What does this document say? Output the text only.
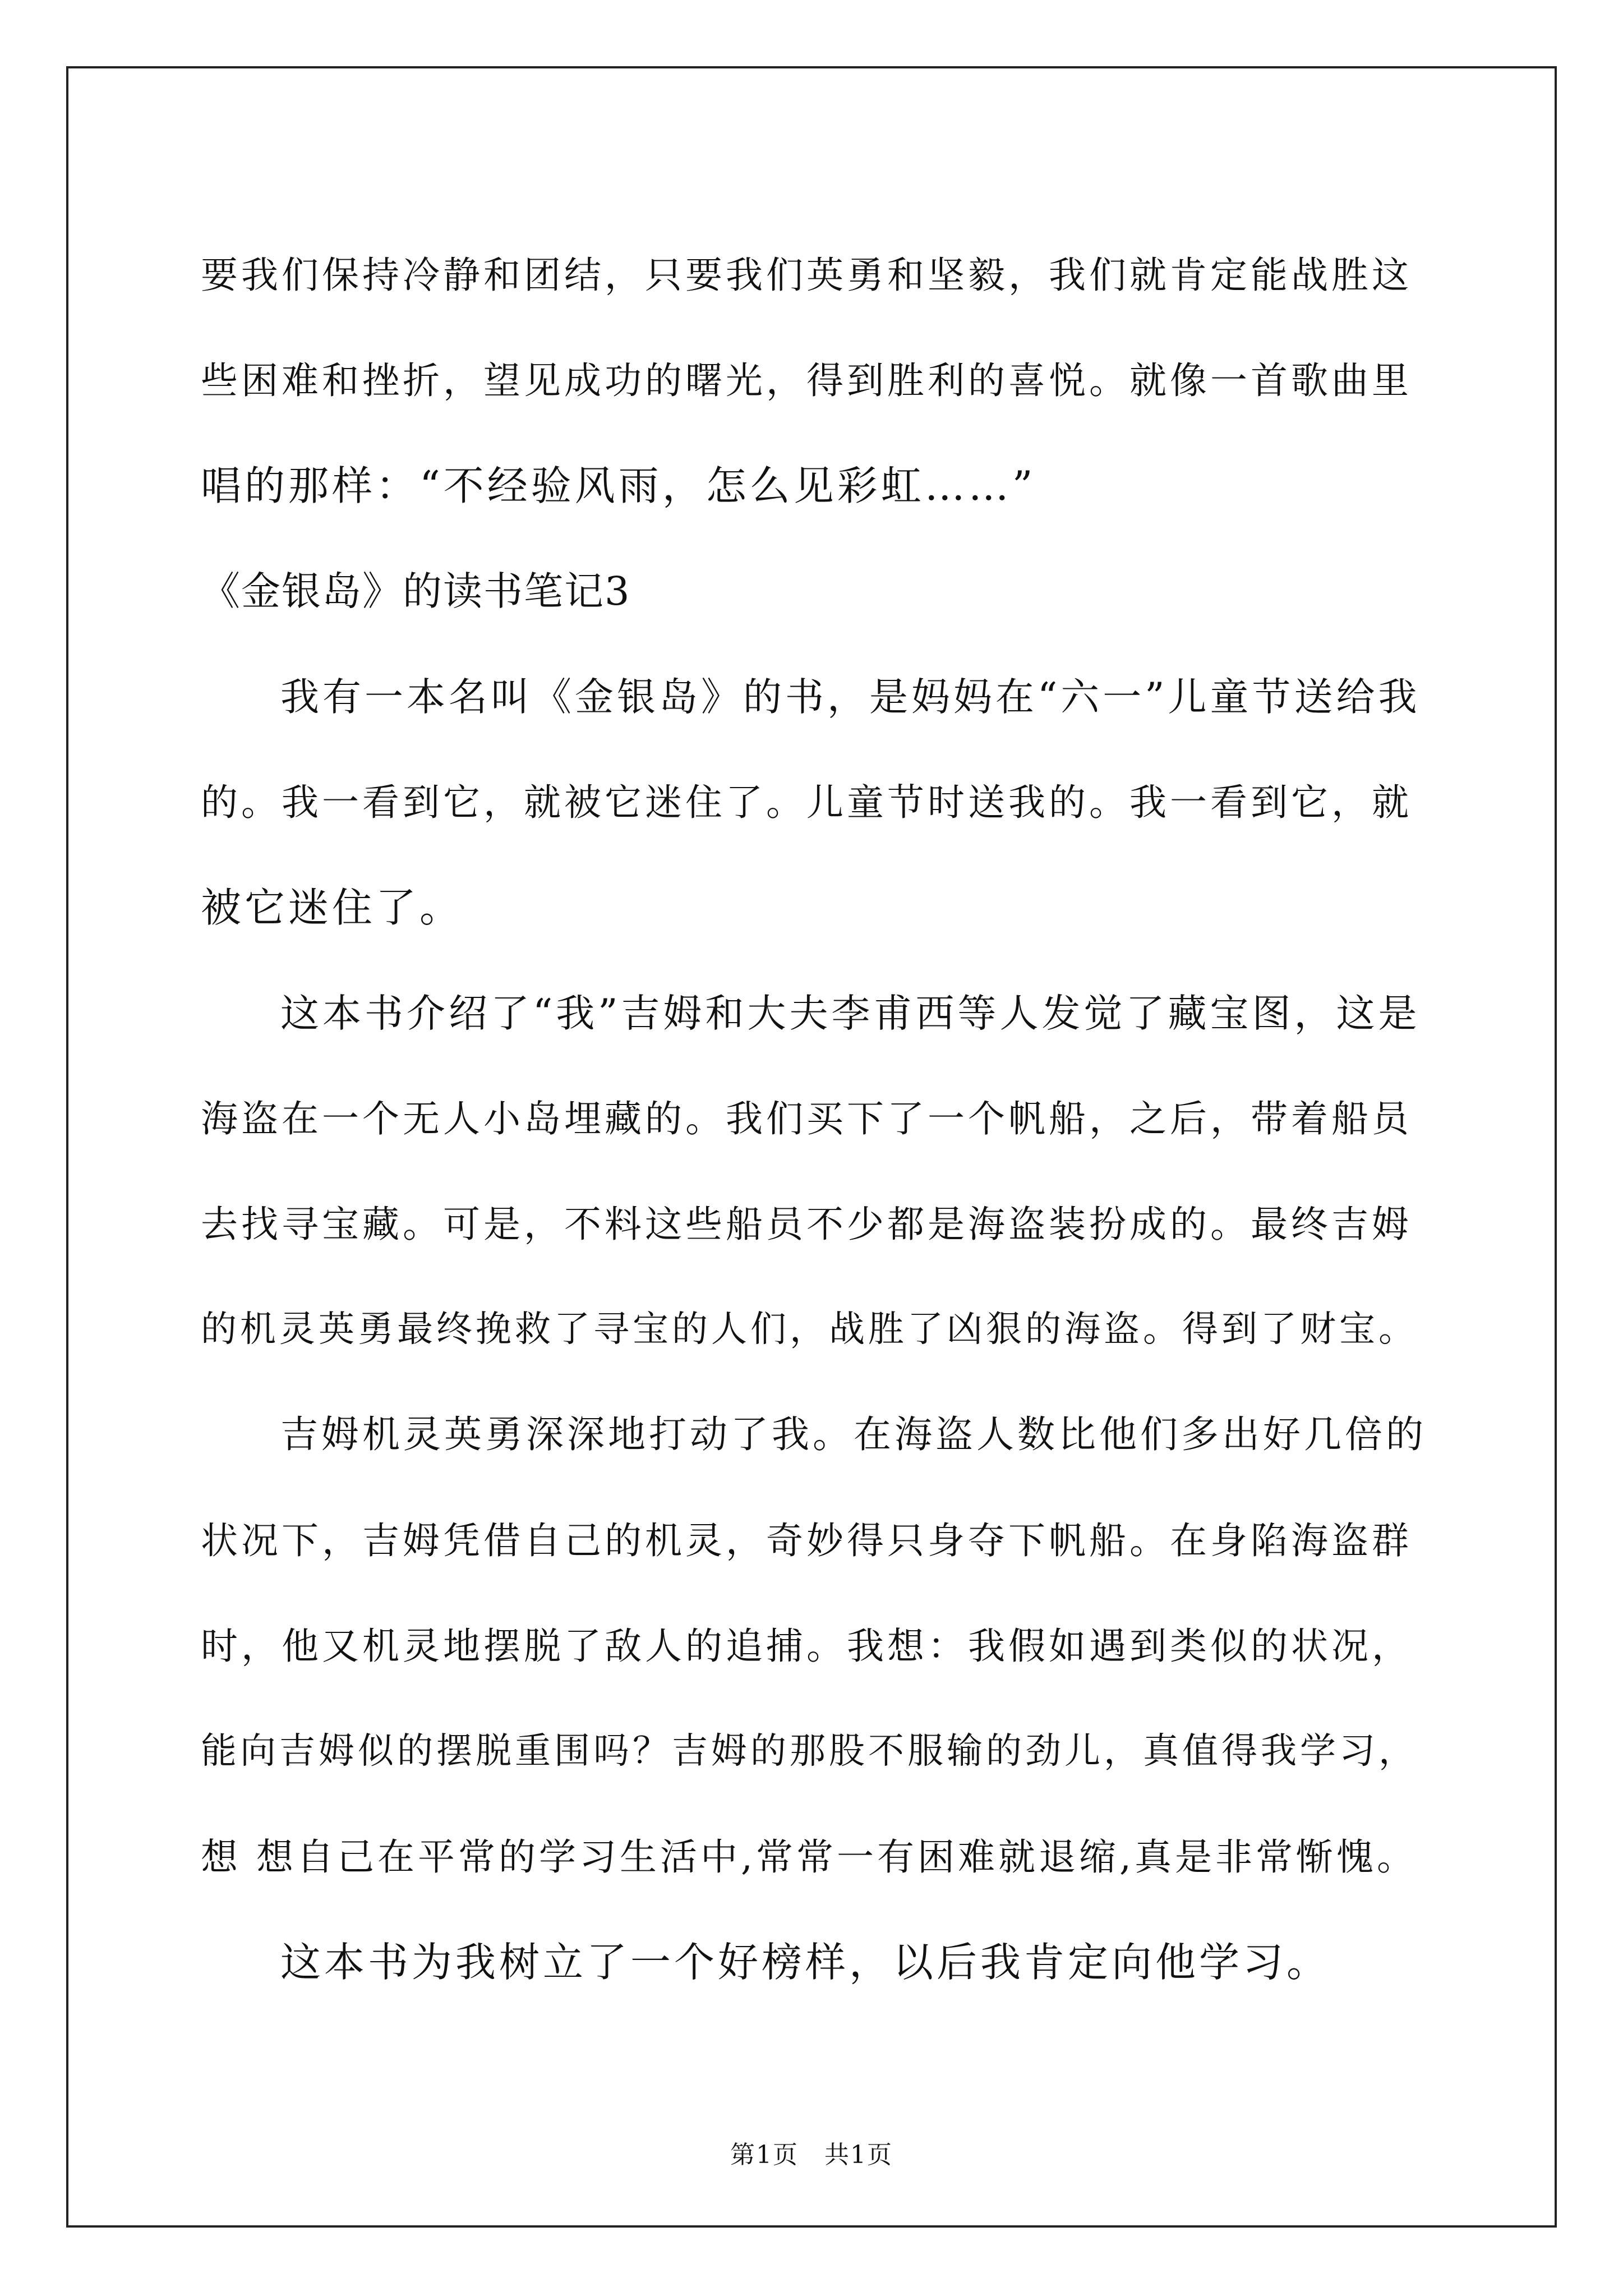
要我们保持冷静和团结，只要我们英勇和坚毅，我们就肯定能战胜这
些困难和挫折，望见成功的曙光，得到胜利的喜悦。就像一首歌曲里
唱的那样：“不经验风雨，怎么见彩虹……”
《金银岛》的读书笔记3
我有一本名叫《金银岛》的书，是妈妈在“六一”儿童节送给我
的。我一看到它，就被它迷住了。儿童节时送我的。我一看到它，就
被它迷住了。
这本书介绍了“我”吉姆和大夫李甫西等人发觉了藏宝图，这是
海盗在一个无人小岛埋藏的。我们买下了一个帆船，之后，带着船员
去找寻宝藏。可是，不料这些船员不少都是海盗装扮成的。最终吉姆
的机灵英勇最终挽救了寻宝的人们，战胜了凶狠的海盗。得到了财宝。
吉姆机灵英勇深深地打动了我。在海盗人数比他们多出好几倍的
状况下，吉姆凭借自己的机灵，奇妙得只身夺下帆船。在身陷海盗群
时，他又机灵地摆脱了敌人的追捕。我想：我假如遇到类似的状况，
能向吉姆似的摆脱重围吗？吉姆的那股不服输的劲儿，真值得我学习，
想 想自己在平常的学习生活中,常常一有困难就退缩,真是非常惭愧。
这本书为我树立了一个好榜样，以后我肯定向他学习。
第1页　共1页
